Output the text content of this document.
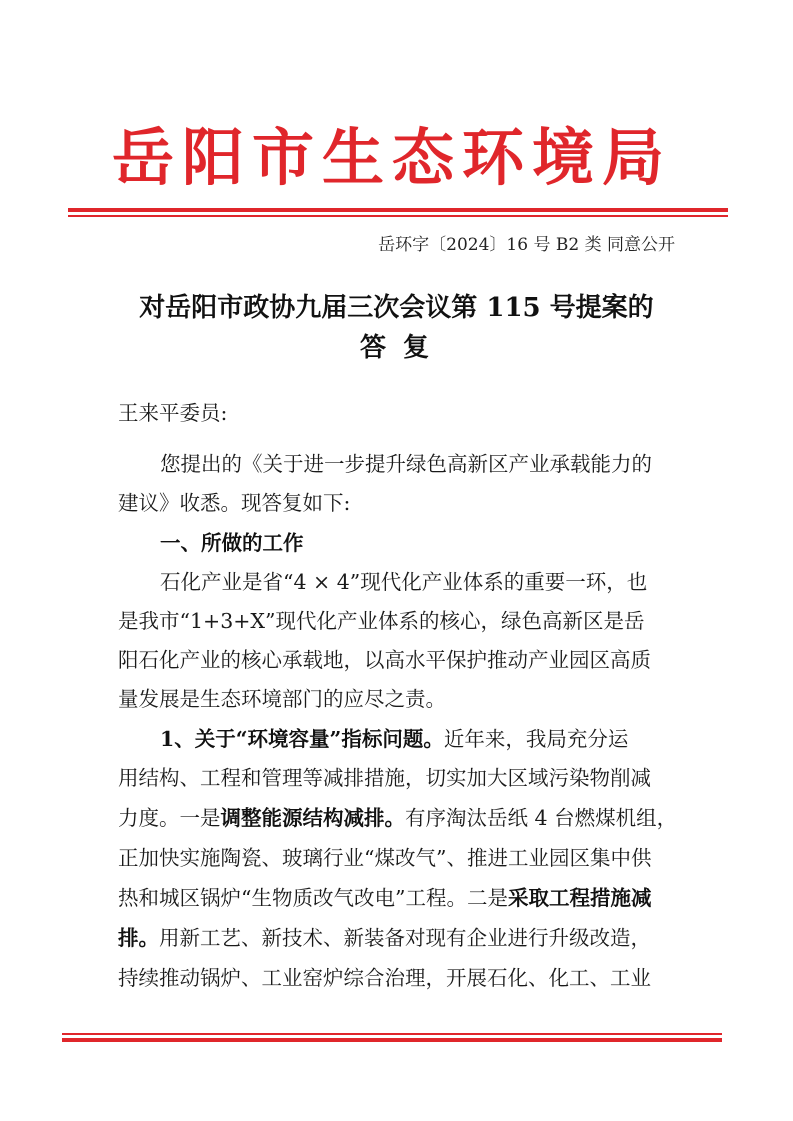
岳阳市生态环境局
岳环字〔2024〕16 号 B2 类 同意公开
对岳阳市政协九届三次会议第 115 号提案的
答 复
王来平委员:
您提出的《关于进一步提升绿色高新区产业承载能力的
建议》收悉。现答复如下:
一、所做的工作
石化产业是省“4 × 4”现代化产业体系的重要一环，也
是我市“1+3+X”现代化产业体系的核心，绿色高新区是岳
阳石化产业的核心承载地，以高水平保护推动产业园区高质
量发展是生态环境部门的应尽之责。
1、关于“环境容量”指标问题。近年来，我局充分运
用结构、工程和管理等减排措施，切实加大区域污染物削减
力度。一是调整能源结构减排。有序淘汰岳纸 4 台燃煤机组，
正加快实施陶瓷、玻璃行业“煤改气”、推进工业园区集中供
热和城区锅炉“生物质改气改电”工程。二是采取工程措施减
排。用新工艺、新技术、新装备对现有企业进行升级改造，
持续推动锅炉、工业窑炉综合治理，开展石化、化工、工业
